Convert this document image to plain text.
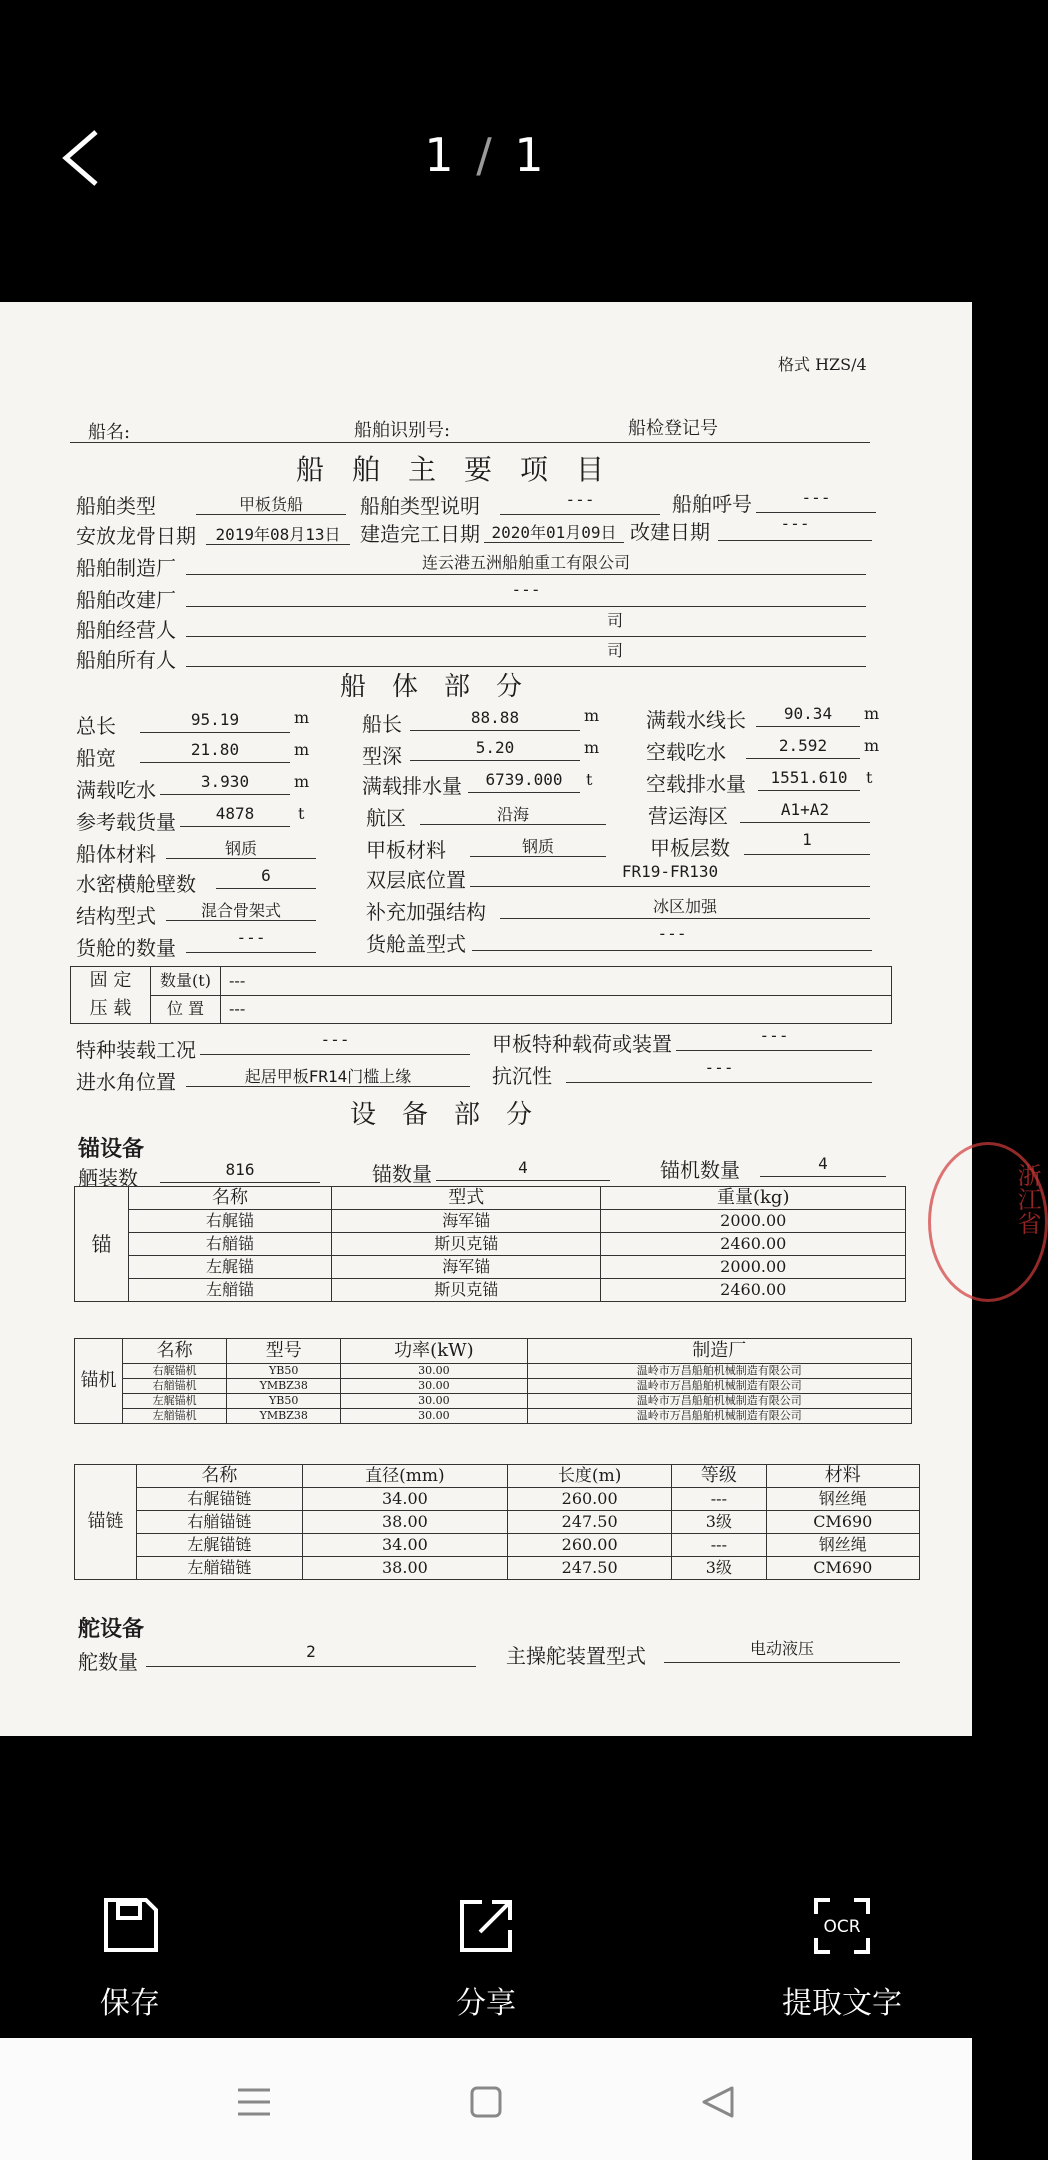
1 / 1
格式 HZS/4
船名:	船舶识别号:	船检登记号
船舶主要项目
船舶类型	甲板货船	船舶类型说明	---	船舶呼号	---
安放龙骨日期	2019年08月13日 建造完工日期 2020年01月09日 改建日期	---
船舶制造厂	连云港五洲船舶重工有限公司
船舶改建厂	---
船舶经营人	司
船舶所有人	司
船体部分
总长	95.19	m	船长	88.88	m 满载水线长	90.34	m
船宽	21.80	m	型深	5.20	m 空载吃水	2.592	m
满载吃水	3.930	m	满载排水量	6739.000	t	空载排水量	1551.610	t
参考载货量	4878	t	航区	沿海	营运海区	A1+A2
船体材料	钢质	甲板材料	钢质	甲板层数	1
水密横舱壁数	6	双层底位置	FR19-FR130
结构型式	混合骨架式	补充加强结构	冰区加强
货舱的数量	---	货舱盖型式	---
固 定
压 载	数量(t)	---
	位 置	---
特种装载工况	---	甲板特种载荷或装置	---
进水角位置	起居甲板FR14门槛上缘	抗沉性	---
设备部分
锚设备
舾装数	816	锚数量	4	锚机数量	4
锚	名称	型式	重量(kg)
	右艉锚	海军锚	2000.00
	右艏锚	斯贝克锚	2460.00
	左艉锚	海军锚	2000.00
	左艏锚	斯贝克锚	2460.00
锚机	名称	型号	功率(kW)	制造厂
	右艉锚机	YB50	30.00	温岭市万昌船舶机械制造有限公司
	右艏锚机	YMBZ38	30.00	温岭市万昌船舶机械制造有限公司
	左艉锚机	YB50	30.00	温岭市万昌船舶机械制造有限公司
	左艏锚机	YMBZ38	30.00	温岭市万昌船舶机械制造有限公司
锚链	名称	直径(mm)	长度(m)	等级	材料
	右艉锚链	34.00	260.00	---	钢丝绳
	右艏锚链	38.00	247.50	3级	CM690
	左艉锚链	34.00	260.00	---	钢丝绳
	左艏锚链	38.00	247.50	3级	CM690
舵设备
舵数量	2	主操舵装置型式	电动液压
浙江省
保存	分享
OCR
提取文字
